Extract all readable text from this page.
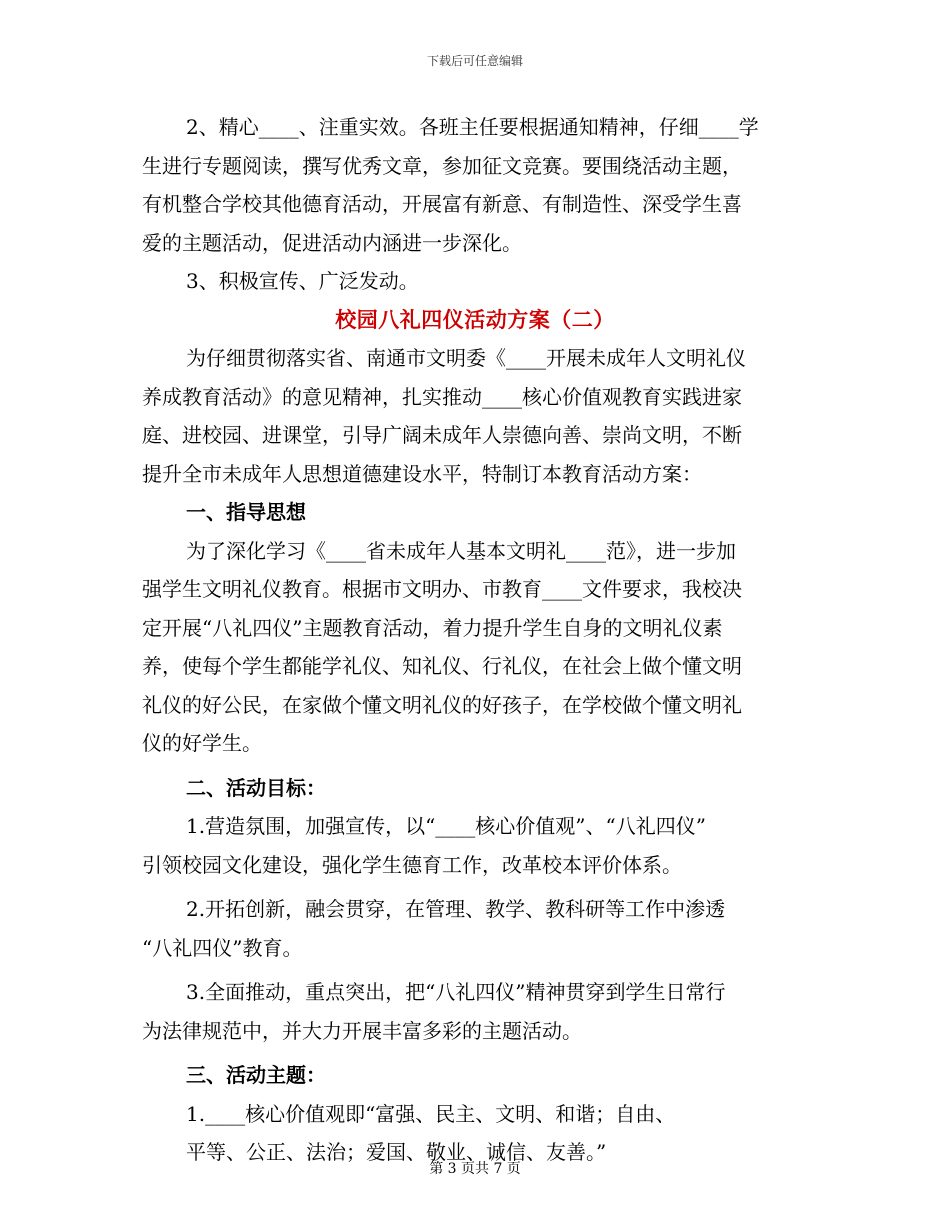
下载后可任意编辑
2、精心____、注重实效。各班主任要根据通知精神，仔细____学
生进行专题阅读，撰写优秀文章，参加征文竞赛。要围绕活动主题，
有机整合学校其他德育活动，开展富有新意、有制造性、深受学生喜
爱的主题活动，促进活动内涵进一步深化。
3、积极宣传、广泛发动。
校园八礼四仪活动方案（二）
为仔细贯彻落实省、南通市文明委《____开展未成年人文明礼仪
养成教育活动》的意见精神，扎实推动____核心价值观教育实践进家
庭、进校园、进课堂，引导广阔未成年人崇德向善、崇尚文明，不断
提升全市未成年人思想道德建设水平，特制订本教育活动方案：
一、指导思想
为了深化学习《____省未成年人基本文明礼____范》，进一步加
强学生文明礼仪教育。根据市文明办、市教育____文件要求，我校决
定开展“八礼四仪”主题教育活动，着力提升学生自身的文明礼仪素
养，使每个学生都能学礼仪、知礼仪、行礼仪，在社会上做个懂文明
礼仪的好公民，在家做个懂文明礼仪的好孩子，在学校做个懂文明礼
仪的好学生。
二、活动目标：
1.营造氛围，加强宣传，以“____核心价值观”、“八礼四仪”
引领校园文化建设，强化学生德育工作，改革校本评价体系。
2.开拓创新，融会贯穿，在管理、教学、教科研等工作中渗透
“八礼四仪”教育。
3.全面推动，重点突出，把“八礼四仪”精神贯穿到学生日常行
为法律规范中，并大力开展丰富多彩的主题活动。
三、活动主题：
1.____核心价值观即“富强、民主、文明、和谐；自由、
平等、公正、法治；爱国、敬业、诚信、友善。”
第 3 页共 7 页
